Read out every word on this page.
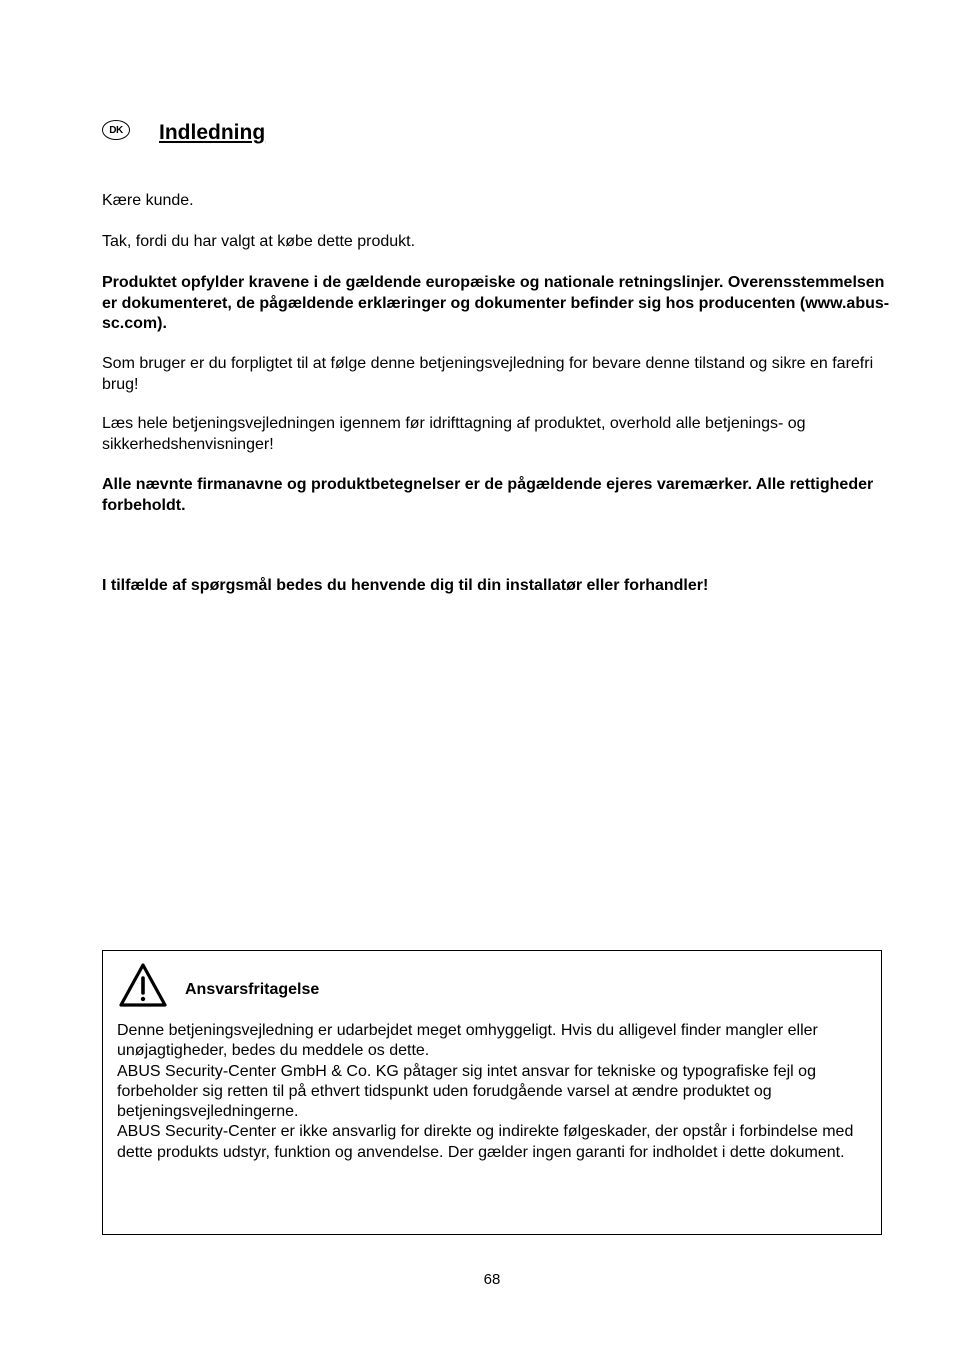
DK	Indledning
Kære kunde.
Tak, fordi du har valgt at købe dette produkt.
Produktet opfylder kravene i de gældende europæiske og nationale retningslinjer. Overensstemmelsen er dokumenteret, de pågældende erklæringer og dokumenter befinder sig hos producenten (www.abus-sc.com).
Som bruger er du forpligtet til at følge denne betjeningsvejledning for bevare denne tilstand og sikre en farefri brug!
Læs hele betjeningsvejledningen igennem før idrifttagning af produktet, overhold alle betjenings- og sikkerhedshenvisninger!
Alle nævnte firmanavne og produktbetegnelser er de pågældende ejeres varemærker. Alle rettigheder forbeholdt.
I tilfælde af spørgsmål bedes du henvende dig til din installatør eller forhandler!
Ansvarsfritagelse

Denne betjeningsvejledning er udarbejdet meget omhyggeligt. Hvis du alligevel finder mangler eller unøjagtigheder, bedes du meddele os dette.

ABUS Security-Center GmbH & Co. KG påtager sig intet ansvar for tekniske og typografiske fejl og forbeholder sig retten til på ethvert tidspunkt uden forudgående varsel at ændre produktet og betjeningsvejledningerne.

ABUS Security-Center er ikke ansvarlig for direkte og indirekte følgeskader, der opstår i forbindelse med dette produkts udstyr, funktion og anvendelse. Der gælder ingen garanti for indholdet i dette dokument.

68
